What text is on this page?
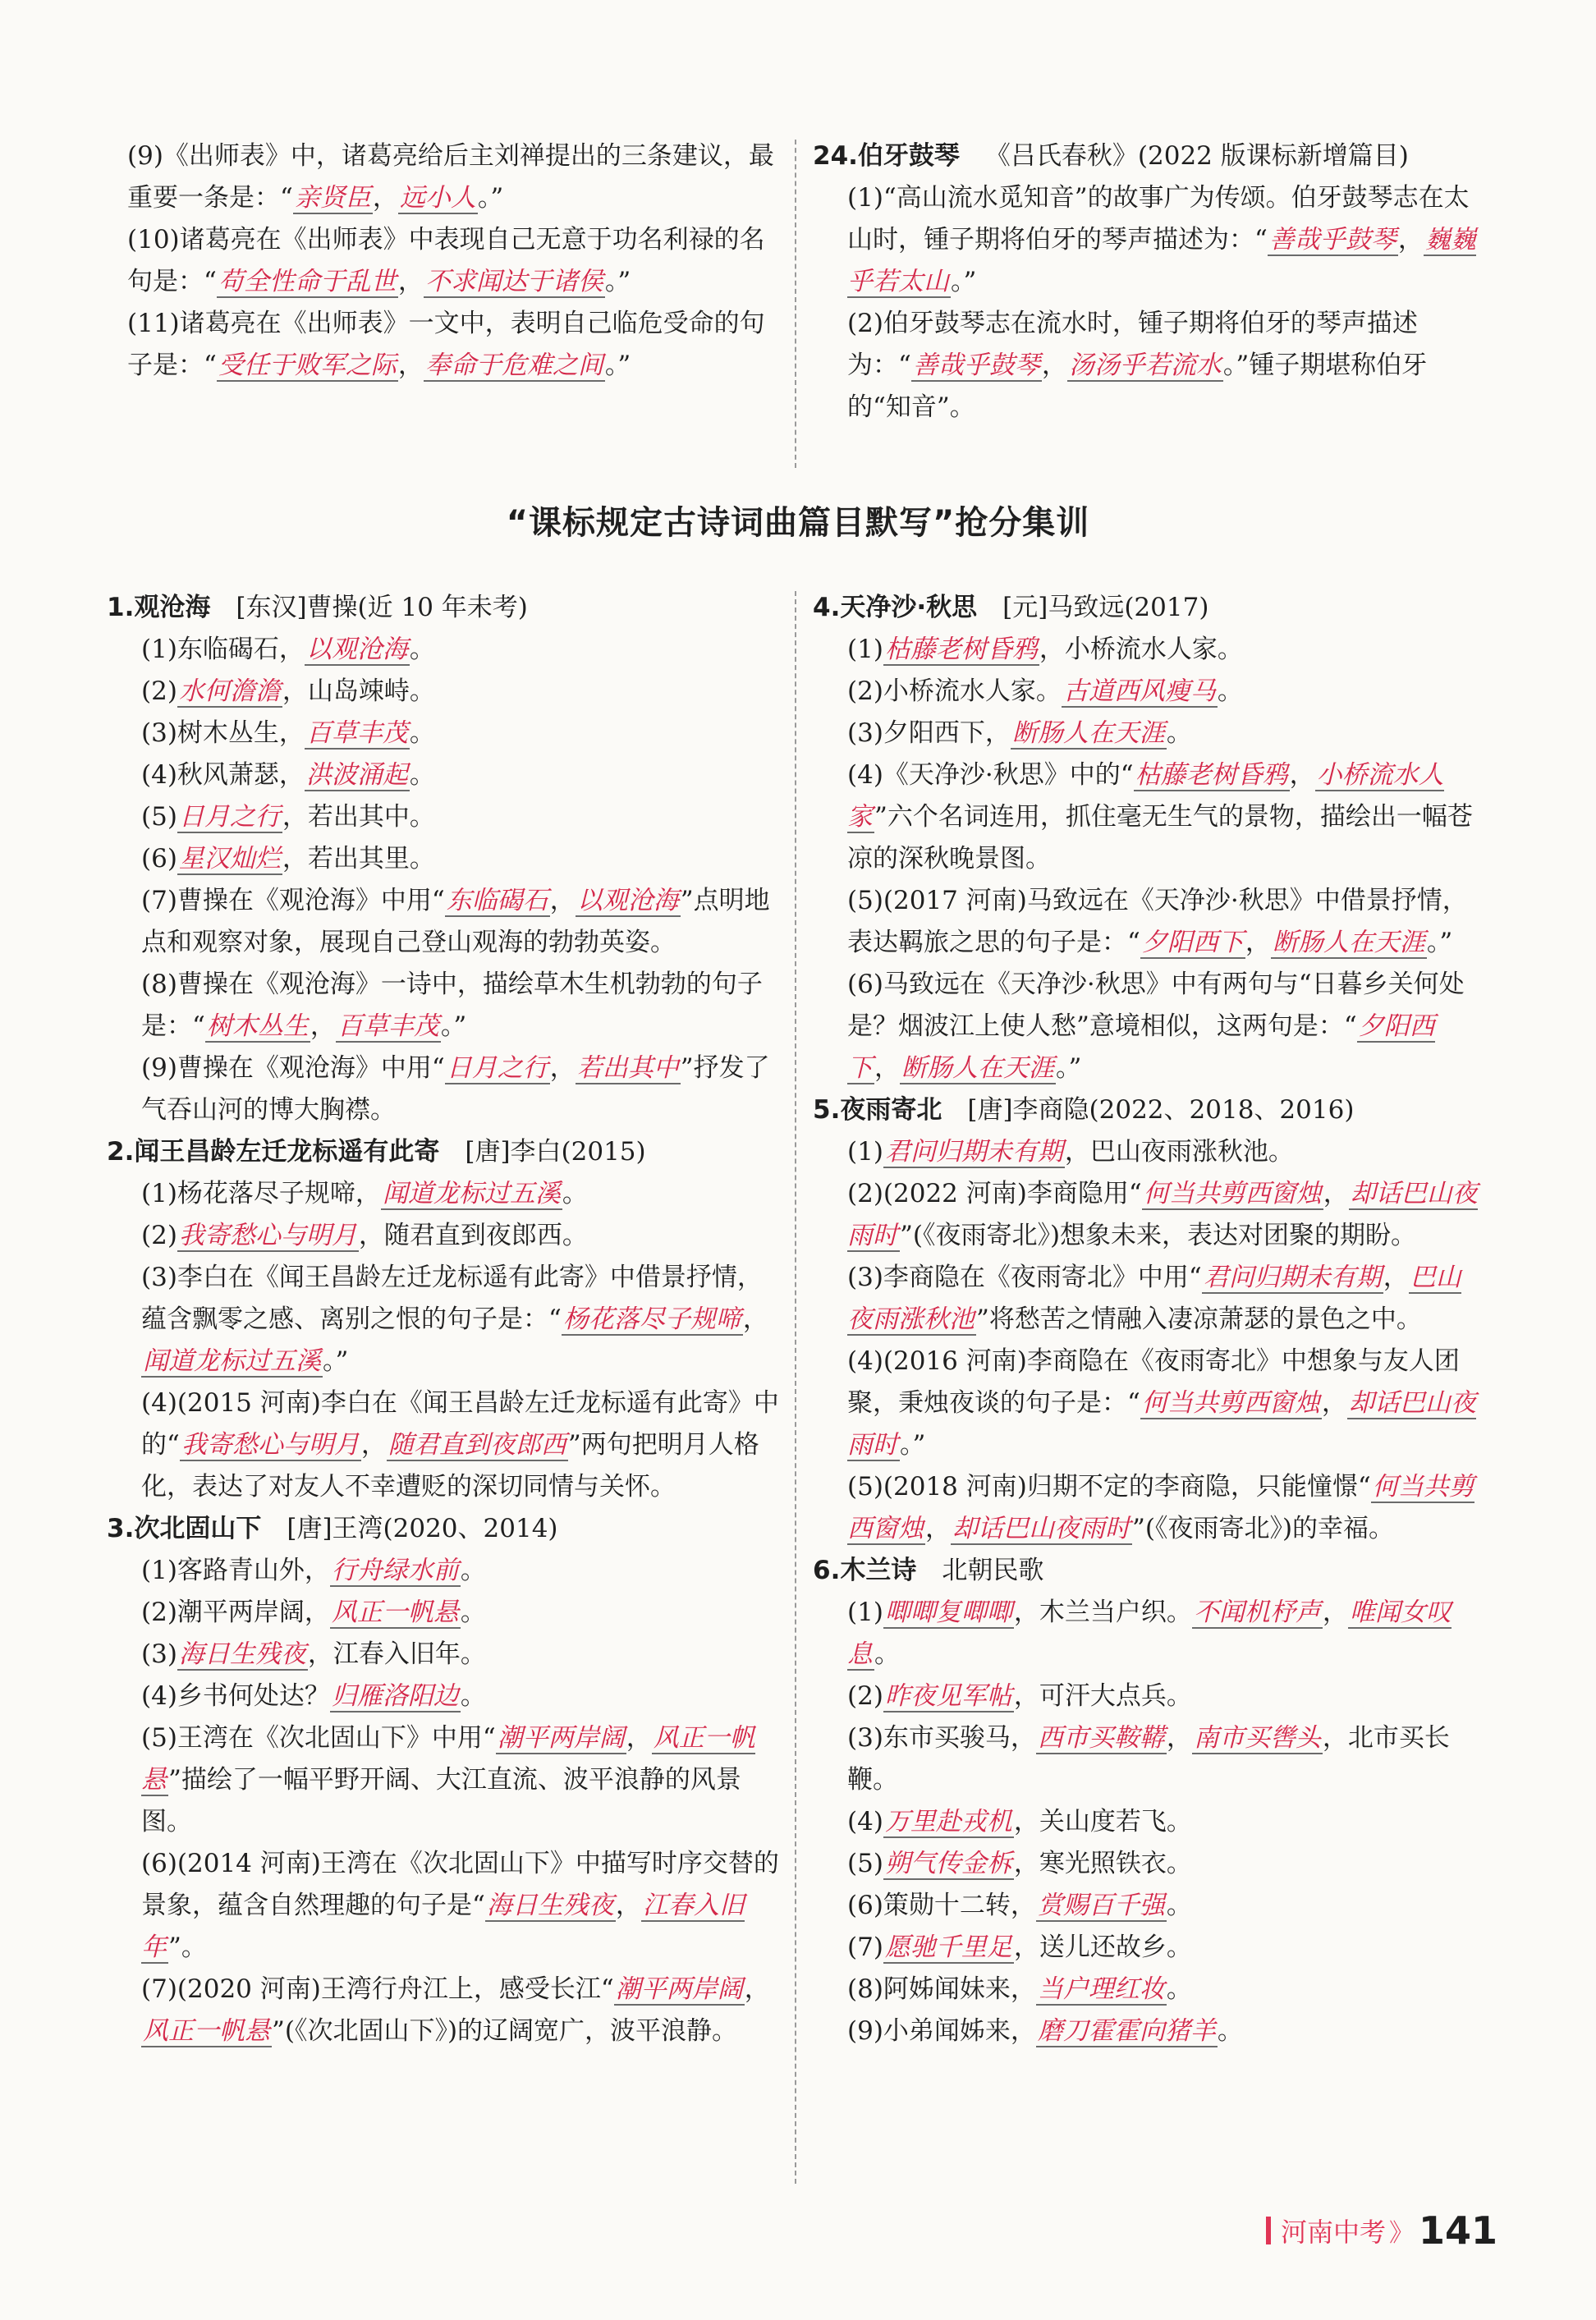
(9)《出师表》中，诸葛亮给后主刘禅提出的三条建议，最重要一条是：“亲贤臣，远小人。”

(10)诸葛亮在《出师表》中表现自己无意于功名利禄的名句是：“苟全性命于乱世，不求闻达于诸侯。”

(11)诸葛亮在《出师表》一文中，表明自己临危受命的句子是：“受任于败军之际，奉命于危难之间。”

24.伯牙鼓琴 《吕氏春秋》(2022 版课标新增篇目)

(1)“高山流水觅知音”的故事广为传颂。伯牙鼓琴志在太山时，锺子期将伯牙的琴声描述为：“善哉乎鼓琴，巍巍乎若太山。”

(2)伯牙鼓琴志在流水时，锺子期将伯牙的琴声描述为：“善哉乎鼓琴，汤汤乎若流水。”锺子期堪称伯牙的“知音”。

“课标规定古诗词曲篇目默写”抢分集训

1.观沧海 [东汉]曹操(近 10 年未考)

(1)东临碣石，以观沧海。

(2)水何澹澹，山岛竦峙。

(3)树木丛生，百草丰茂。

(4)秋风萧瑟，洪波涌起。

(5)日月之行，若出其中。

(6)星汉灿烂，若出其里。

(7)曹操在《观沧海》中用“东临碣石，以观沧海”点明地点和观察对象，展现自己登山观海的勃勃英姿。

(8)曹操在《观沧海》一诗中，描绘草木生机勃勃的句子是：“树木丛生，百草丰茂。”

(9)曹操在《观沧海》中用“日月之行，若出其中”抒发了气吞山河的博大胸襟。

2.闻王昌龄左迁龙标遥有此寄 [唐]李白(2015)

(1)杨花落尽子规啼，闻道龙标过五溪。

(2)我寄愁心与明月，随君直到夜郎西。

(3)李白在《闻王昌龄左迁龙标遥有此寄》中借景抒情，蕴含飘零之感、离别之恨的句子是：“杨花落尽子规啼，闻道龙标过五溪。”

(4)(2015 河南)李白在《闻王昌龄左迁龙标遥有此寄》中的“我寄愁心与明月，随君直到夜郎西”两句把明月人格化，表达了对友人不幸遭贬的深切同情与关怀。

3.次北固山下 [唐]王湾(2020、2014)

(1)客路青山外，行舟绿水前。

(2)潮平两岸阔，风正一帆悬。

(3)海日生残夜，江春入旧年。

(4)乡书何处达？归雁洛阳边。

(5)王湾在《次北固山下》中用“潮平两岸阔，风正一帆悬”描绘了一幅平野开阔、大江直流、波平浪静的风景图。

(6)(2014 河南)王湾在《次北固山下》中描写时序交替的景象，蕴含自然理趣的句子是“海日生残夜，江春入旧年”。

(7)(2020 河南)王湾行舟江上，感受长江“潮平两岸阔，风正一帆悬”(《次北固山下》)的辽阔宽广，波平浪静。

4.天净沙·秋思 [元]马致远(2017)

(1)枯藤老树昏鸦，小桥流水人家。

(2)小桥流水人家。古道西风瘦马。

(3)夕阳西下，断肠人在天涯。

(4)《天净沙·秋思》中的“枯藤老树昏鸦，小桥流水人家”六个名词连用，抓住毫无生气的景物，描绘出一幅苍凉的深秋晚景图。

(5)(2017 河南)马致远在《天净沙·秋思》中借景抒情，表达羁旅之思的句子是：“夕阳西下，断肠人在天涯。”

(6)马致远在《天净沙·秋思》中有两句与“日暮乡关何处是？烟波江上使人愁”意境相似，这两句是：“夕阳西下，断肠人在天涯。”

5.夜雨寄北 [唐]李商隐(2022、2018、2016)

(1)君问归期未有期，巴山夜雨涨秋池。

(2)(2022 河南)李商隐用“何当共剪西窗烛，却话巴山夜雨时”(《夜雨寄北》)想象未来，表达对团聚的期盼。

(3)李商隐在《夜雨寄北》中用“君问归期未有期，巴山夜雨涨秋池”将愁苦之情融入凄凉萧瑟的景色之中。

(4)(2016 河南)李商隐在《夜雨寄北》中想象与友人团聚，秉烛夜谈的句子是：“何当共剪西窗烛，却话巴山夜雨时。”

(5)(2018 河南)归期不定的李商隐，只能憧憬“何当共剪西窗烛，却话巴山夜雨时”(《夜雨寄北》)的幸福。

6.木兰诗 北朝民歌

(1)唧唧复唧唧，木兰当户织。不闻机杼声，唯闻女叹息。

(2)昨夜见军帖，可汗大点兵。

(3)东市买骏马，西市买鞍鞯，南市买辔头，北市买长鞭。

(4)万里赴戎机，关山度若飞。

(5)朔气传金柝，寒光照铁衣。

(6)策勋十二转，赏赐百千强。

(7)愿驰千里足，送儿还故乡。

(8)阿姊闻妹来，当户理红妆。

(9)小弟闻姊来，磨刀霍霍向猪羊。

河南中考 》 141
